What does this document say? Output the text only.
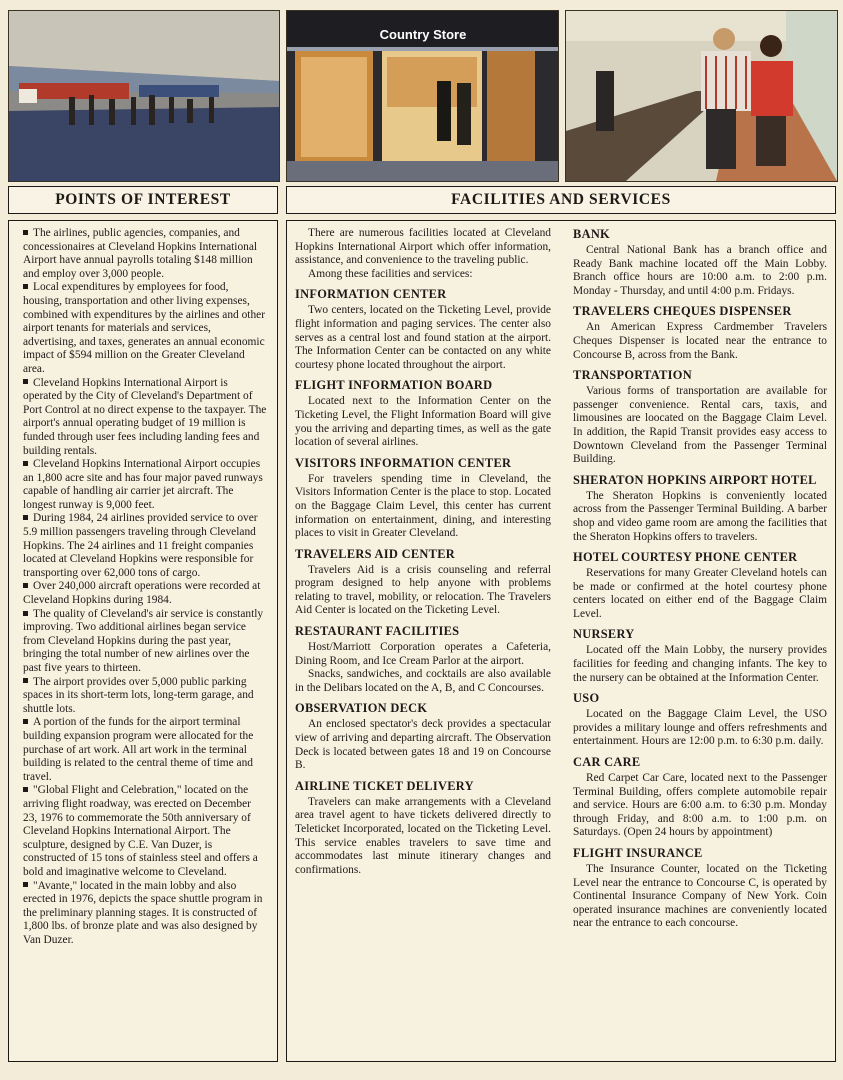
Country Store
POINTS OF INTEREST	FACILITIES AND SERVICES

The airlines, public agencies, companies, and concessionaires at Cleveland Hopkins International Airport have annual payrolls totaling $148 million and employ over 3,000 people.

Local expenditures by employees for food, housing, transportation and other living expenses, combined with expenditures by the airlines and other airport tenants for materials and services, advertising, and taxes, generates an annual economic impact of $594 million on the Greater Cleveland area.

Cleveland Hopkins International Airport is operated by the City of Cleveland's Department of Port Control at no direct expense to the taxpayer. The airport's annual operating budget of 19 million is funded through user fees including landing fees and building rentals.

Cleveland Hopkins International Airport occupies an 1,800 acre site and has four major paved runways capable of handling air carrier jet aircraft. The longest runway is 9,000 feet.

During 1984, 24 airlines provided service to over 5.9 million passengers traveling through Cleveland Hopkins. The 24 airlines and 11 freight companies located at Cleveland Hopkins were responsible for transporting over 62,000 tons of cargo.

Over 240,000 aircraft operations were recorded at Cleveland Hopkins during 1984.

The quality of Cleveland's air service is constantly improving. Two additional airlines began service from Cleveland Hopkins during the past year, bringing the total number of new airlines over the past five years to thirteen.

The airport provides over 5,000 public parking spaces in its short-term lots, long-term garage, and shuttle lots.

A portion of the funds for the airport terminal building expansion program were allocated for the purchase of art work. All art work in the terminal building is related to the central theme of time and travel.

"Global Flight and Celebration," located on the arriving flight roadway, was erected on December 23, 1976 to commemorate the 50th anniversary of Cleveland Hopkins International Airport. The sculpture, designed by C.E. Van Duzer, is constructed of 15 tons of stainless steel and offers a bold and imaginative welcome to Cleveland.

"Avante," located in the main lobby and also erected in 1976, depicts the space shuttle program in the preliminary planning stages. It is constructed of 1,800 lbs. of bronze plate and was also designed by Van Duzer.

There are numerous facilities located at Cleveland Hopkins International Airport which offer information, assistance, and convenience to the traveling public.

Among these facilities and services:

INFORMATION CENTER

Two centers, located on the Ticketing Level, provide flight information and paging services. The center also serves as a central lost and found station at the airport. The Information Center can be contacted on any white courtesy phone located throughout the airport.

FLIGHT INFORMATION BOARD

Located next to the Information Center on the Ticketing Level, the Flight Information Board will give you the arriving and departing times, as well as the gate location of several airlines.

VISITORS INFORMATION CENTER

For travelers spending time in Cleveland, the Visitors Information Center is the place to stop. Located on the Baggage Claim Level, this center has current information on entertainment, dining, and interesting places to visit in Greater Cleveland.

TRAVELERS AID CENTER

Travelers Aid is a crisis counseling and referral program designed to help anyone with problems relating to travel, mobility, or relocation. The Travelers Aid Center is located on the Ticketing Level.

RESTAURANT FACILITIES

Host/Marriott Corporation operates a Cafeteria, Dining Room, and Ice Cream Parlor at the airport.

Snacks, sandwiches, and cocktails are also available in the Delibars located on the A, B, and C Concourses.

OBSERVATION DECK

An enclosed spectator's deck provides a spectacular view of arriving and departing aircraft. The Observation Deck is located between gates 18 and 19 on Concourse B.

AIRLINE TICKET DELIVERY

Travelers can make arrangements with a Cleveland area travel agent to have tickets delivered directly to Teleticket Incorporated, located on the Ticketing Level. This service enables travelers to save time and accommodates last minute itinerary changes and confirmations.

BANK

Central National Bank has a branch office and Ready Bank machine located off the Main Lobby. Branch office hours are 10:00 a.m. to 2:00 p.m. Monday - Thursday, and until 4:00 p.m. Fridays.

TRAVELERS CHEQUES DISPENSER

An American Express Cardmember Travelers Cheques Dispenser is located near the entrance to Concourse B, across from the Bank.

TRANSPORTATION

Various forms of transportation are available for passenger convenience. Rental cars, taxis, and limousines are loocated on the Baggage Claim Level. In addition, the Rapid Transit provides easy access to Downtown Cleveland from the Passenger Terminal Building.

SHERATON HOPKINS AIRPORT HOTEL

The Sheraton Hopkins is conveniently located across from the Passenger Terminal Building. A barber shop and video game room are among the facilities that the Sheraton Hopkins offers to travelers.

HOTEL COURTESY PHONE CENTER

Reservations for many Greater Cleveland hotels can be made or confirmed at the hotel courtesy phone centers located on either end of the Baggage Claim Level.

NURSERY

Located off the Main Lobby, the nursery provides facilities for feeding and changing infants. The key to the nursery can be obtained at the Information Center.

USO

Located on the Baggage Claim Level, the USO provides a military lounge and offers refreshments and entertainment. Hours are 12:00 p.m. to 6:30 p.m. daily.

CAR CARE

Red Carpet Car Care, located next to the Passenger Terminal Building, offers complete automobile repair and service. Hours are 6:00 a.m. to 6:30 p.m. Monday through Friday, and 8:00 a.m. to 1:00 p.m. on Saturdays. (Open 24 hours by appointment)

FLIGHT INSURANCE

The Insurance Counter, located on the Ticketing Level near the entrance to Concourse C, is operated by Continental Insurance Company of New York. Coin operated insurance machines are conveniently located near the entrance to each concourse.
